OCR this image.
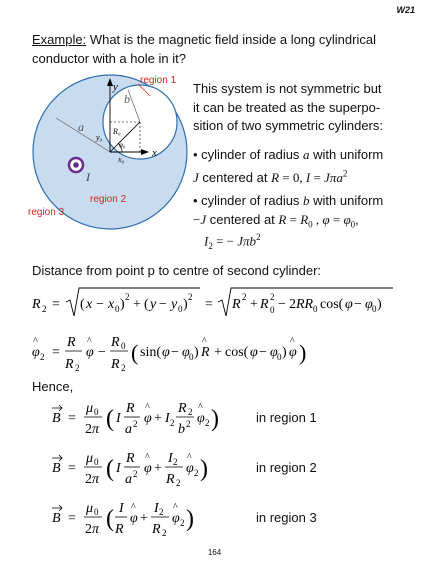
W21
Example: What is the magnetic field inside a long cylindrical
conductor with a hole in it?
region 1
region 2
region 3
a
b
y
x
y₀
x₀
R₀
φ₀
I
This system is not symmetric but
it can be treated as the superpo-
sition of two symmetric cylinders:
• cylinder of radius a with uniform

J centered at R = 0, I = Jπa$^2$
• cylinder of radius b with uniform

−J centered at $R = R_0$ , $\varphi = \varphi_0$,
$I_2$ = − Jπb$^2$
Distance from point p to centre of second cylinder:
R 2 = ( x − x 0 ) 2 + ( y − y 0 ) 2 = R 2 + R 2
0 − 2 RR 0 cos( φ − φ 0 )
φ
^
2 =
R
R 2
φ
^
−
R 0
R 2
( sin( φ − φ 0 ) R
^
+ cos( φ − φ 0 ) φ
^ )
Hence,
B =
μ 0
2 π ( I
R
a 2 φ
^
+ I 2
R 2
b 2 φ
^
2 )
B =
μ 0
2 π ( I
R
a 2 φ
^
+
I 2
R 2
φ
^
2 )
B =
μ 0
2 π ( I
R
φ
^
+
I 2
R 2
φ
^
2 )
in region 1
in region 2
in region 3
164
